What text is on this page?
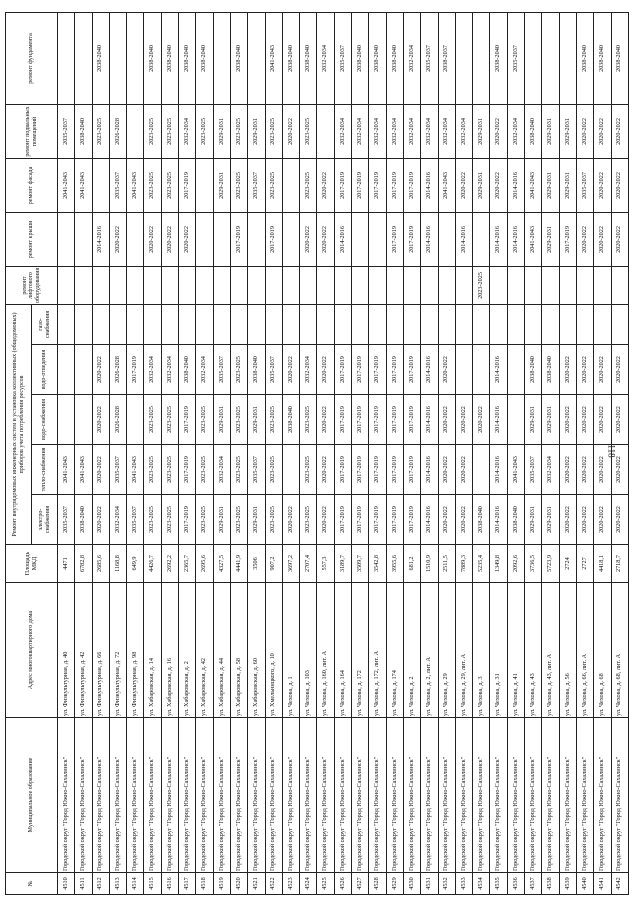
118
№	Муниципальное образование	Адрес многоквартирного дома	Площадь МКД	Ремонт внутридомовых инженерных систем и установка коллективных (общедомовых) приборов учета потребления ресурсов					ремонт лифтового оборудования	ремонт крыши	ремонт фасада	ремонт подвальных помещений	ремонт фундамента
				электро-снабжения	тепло-снабжения	водо-снабжения	водо-отведения	газо-снабжения					
4510	Городской округ "Город Южно-Сахалинск"	ул. Физкультурная, д. 40	4471	2035-2037	2041-2043						2041-2043	2035-2037	
4511	Городской округ "Город Южно-Сахалинск"	ул. Физкультурная, д. 42	6782,8	2038-2040	2041-2043						2041-2043	2038-2040	
4512	Городской округ "Город Южно-Сахалинск"	ул. Физкультурная, д. 66	2685,6	2020-2022	2020-2022	2020-2022	2020-2022			2014-2016		2023-2025	2038-2040
4513	Городской округ "Город Южно-Сахалинск"	ул. Физкультурная, д. 72	1168,8	2032-2034	2035-2037	2026-2028	2026-2028			2020-2022	2035-2037	2026-2028	
4514	Городской округ "Город Южно-Сахалинск"	ул. Физкультурная, д. 98	649,9	2035-2037	2041-2043		2017-2019				2041-2043		
4515	Городской округ "Город Южно-Сахалинск"	ул. Хабаровская, д. 14	4426,7	2023-2025	2023-2025	2023-2025	2032-2034			2020-2022	2023-2025	2023-2025	2038-2040
4516	Городской округ "Город Южно-Сахалинск"	ул. Хабаровская, д. 16	2692,2	2023-2025	2023-2025	2023-2025	2032-2034			2020-2022	2023-2025	2023-2025	2038-2040
4517	Городской округ "Город Южно-Сахалинск"	ул. Хабаровская, д. 2	2365,7	2017-2019	2017-2019	2017-2019	2038-2040			2020-2022	2017-2019	2032-2034	2038-2040
4518	Городской округ "Город Южно-Сахалинск"	ул. Хабаровская, д. 42	2695,6	2023-2025	2023-2025	2023-2025	2032-2034					2023-2025	2038-2040
4519	Городской округ "Город Южно-Сахалинск"	ул. Хабаровская, д. 44	4327,5	2029-2031	2032-2034	2029-2031	2035-2037				2029-2031	2029-2031	
4520	Городской округ "Город Южно-Сахалинск"	ул. Хабаровская, д. 58	4441,9	2023-2025	2023-2025	2023-2025	2023-2025			2017-2019	2023-2025	2023-2025	2038-2040
4521	Городской округ "Город Южно-Сахалинск"	ул. Хабаровская, д. 60	3506	2029-2031	2035-2037	2029-2031	2038-2040				2035-2037	2029-2031	
4522	Городской округ "Город Южно-Сахалинск"	ул. Хмельницкого, д. 10	907,2	2023-2025	2023-2025	2023-2025	2035-2037			2017-2019	2023-2025	2023-2025	2041-2043
4523	Городской округ "Город Южно-Сахалинск"	ул. Чехова, д. 1	3697,2	2020-2022		2038-2040	2020-2022					2020-2022	2038-2040
4524	Городской округ "Город Южно-Сахалинск"	ул. Чехова, д. 103	2707,4	2023-2025	2023-2025	2023-2025	2032-2034			2020-2022	2023-2025	2023-2025	2038-2040
4525	Городской округ "Город Южно-Сахалинск"	ул. Чехова, д. 160, лит. А	557,3	2020-2022	2020-2022	2020-2022	2020-2022			2020-2022	2020-2022		2032-2034
4526	Городской округ "Город Южно-Сахалинск"	ул. Чехова, д. 164	3189,7	2017-2019	2017-2019	2017-2019	2017-2019			2014-2016	2017-2019	2032-2034	2035-2037
4527	Городской округ "Город Южно-Сахалинск"	ул. Чехова, д. 172	3509,7	2017-2019	2017-2019	2017-2019	2017-2019				2017-2019	2032-2034	2038-2040
4528	Городской округ "Город Южно-Сахалинск"	ул. Чехова, д. 172, лит. А	3542,8	2017-2019	2017-2019	2017-2019	2017-2019				2017-2019	2032-2034	2038-2040
4529	Городской округ "Город Южно-Сахалинск"	ул. Чехова, д. 174	3955,6	2017-2019	2017-2019	2017-2019	2017-2019			2017-2019	2017-2019	2032-2034	2038-2040
4530	Городской округ "Город Южно-Сахалинск"	ул. Чехова, д. 2	681,2	2017-2019	2017-2019	2017-2019	2017-2019			2017-2019	2017-2019	2032-2034	2032-2034
4531	Городской округ "Город Южно-Сахалинск"	ул. Чехова, д. 2, лит. А	1510,9	2014-2016	2014-2016	2014-2016	2014-2016			2014-2016	2014-2016	2032-2034	2035-2037
4532	Городской округ "Город Южно-Сахалинск"	ул. Чехова, д. 29	2511,5	2020-2022	2020-2022	2020-2022	2020-2022				2041-2043	2032-2034	2038-2037
4533	Городской округ "Город Южно-Сахалинск"	ул. Чехова, д. 29, лит. А	7889,3	2020-2022	2020-2022	2020-2022				2014-2016	2020-2022	2032-2034	
4534	Городской округ "Город Южно-Сахалинск"	ул. Чехова, д. 3	5235,4	2038-2040		2020-2022			2023-2025		2029-2031	2029-2031	
4535	Городской округ "Город Южно-Сахалинск"	ул. Чехова, д. 31	1349,8	2014-2016	2014-2016	2014-2016	2014-2016			2014-2016	2020-2022	2020-2022	2038-2040
4536	Городской округ "Город Южно-Сахалинск"	ул. Чехова, д. 41	2092,6	2038-2040	2041-2043					2014-2016	2014-2016	2032-2034	2035-2037
4537	Городской округ "Город Южно-Сахалинск"	ул. Чехова, д. 43	3736,5	2029-2031	2035-2037	2029-2031	2038-2040			2041-2043	2041-2043	2038-2040	
4538	Городской округ "Город Южно-Сахалинск"	ул. Чехова, д. 43, лит. А	5723,9	2029-2031	2032-2034	2029-2031	2038-2040			2029-2031	2029-2031	2029-2031	
4539	Городской округ "Город Южно-Сахалинск"	ул. Чехова, д. 56	2724	2020-2022	2020-2022	2020-2022	2020-2022			2017-2019	2029-2031	2029-2031	
4540	Городской округ "Город Южно-Сахалинск"	ул. Чехова, д. 66, лит. А	2727	2020-2022	2020-2022	2020-2022	2020-2022			2020-2022	2035-2037	2020-2022	2038-2040
4541	Городской округ "Город Южно-Сахалинск"	ул. Чехова, д. 68	4418,1	2020-2022	2020-2022	2020-2022	2020-2022			2020-2022	2020-2022	2020-2022	2038-2040
4542	Городской округ "Город Южно-Сахалинск"	ул. Чехова, д. 68, лит. А	2718,7	2020-2022	2020-2022	2020-2022	2020-2022			2020-2022	2020-2022	2020-2022	2038-2040
